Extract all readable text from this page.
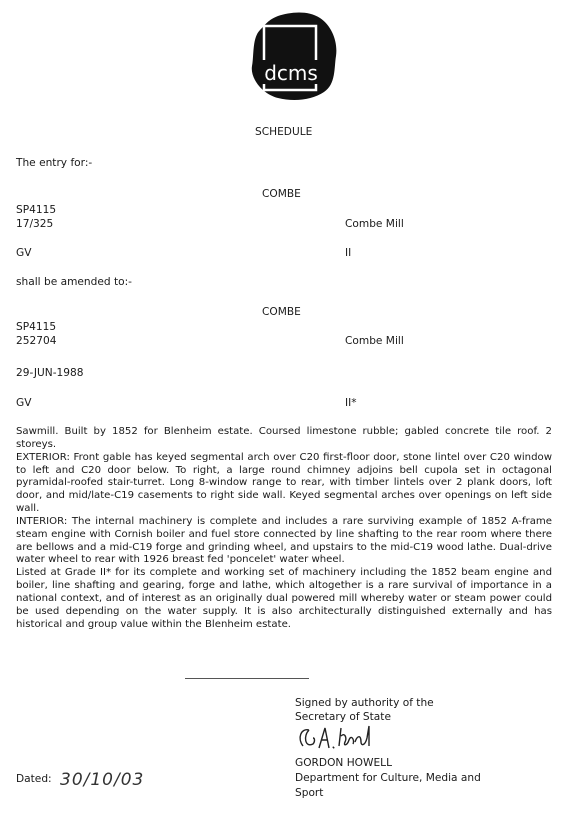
dcms
SCHEDULE
The entry for:-
COMBE
SP4115
17/325	Combe Mill
GV	II
shall be amended to:-
COMBE
SP4115
252704	Combe Mill
29-JUN-1988
GV	II*

Sawmill. Built by 1852 for Blenheim estate. Coursed limestone rubble; gabled concrete tile roof. 2 storeys.

EXTERIOR: Front gable has keyed segmental arch over C20 first-floor door, stone lintel over C20 window to left and C20 door below. To right, a large round chimney adjoins bell cupola set in octagonal pyramidal-roofed stair-turret. Long 8-window range to rear, with timber lintels over 2 plank doors, loft door, and mid/late-C19 casements to right side wall. Keyed segmental arches over openings on left side wall.

INTERIOR: The internal machinery is complete and includes a rare surviving example of 1852 A-frame steam engine with Cornish boiler and fuel store connected by line shafting to the rear room where there are bellows and a mid-C19 forge and grinding wheel, and upstairs to the mid-C19 wood lathe. Dual-drive water wheel to rear with 1926 breast fed 'poncelet' water wheel.

Listed at Grade II* for its complete and working set of machinery including the 1852 beam engine and boiler, line shafting and gearing, forge and lathe, which altogether is a rare survival of importance in a national context, and of interest as an originally dual powered mill whereby water or steam power could be used depending on the water supply. It is also architecturally distinguished externally and has historical and group value within the Blenheim estate.

Signed by authority of the
Secretary of State
GORDON HOWELL
Department for Culture, Media and
Sport
Dated: 30/10/03
